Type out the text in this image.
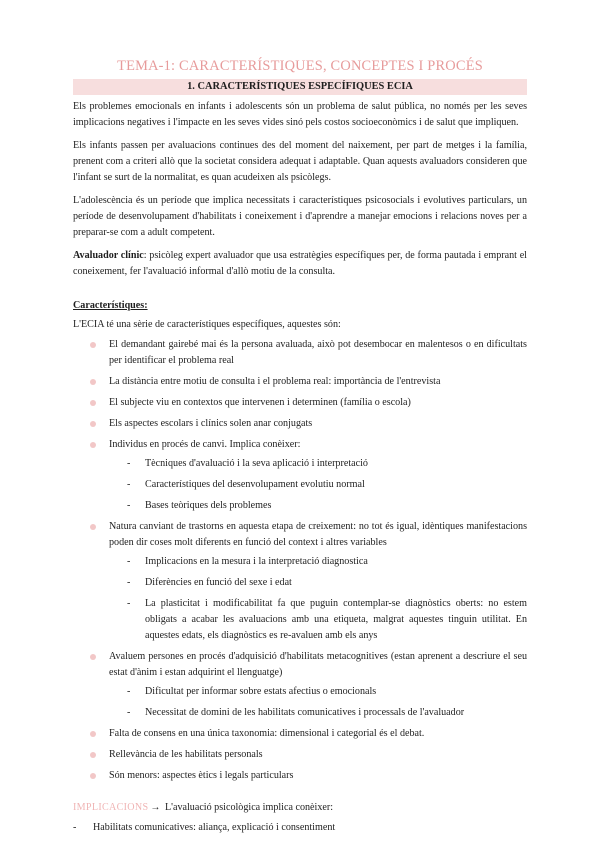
TEMA-1: CARACTERÍSTIQUES, CONCEPTES I PROCÉS
1. CARACTERÍSTIQUES ESPECÍFIQUES ECIA

Els problemes emocionals en infants i adolescents són un problema de salut pública, no només per les seves implicacions negatives i l'impacte en les seves vides sinó pels costos socioeconòmics i de salut que impliquen.

Els infants passen per avaluacions continues des del moment del naixement, per part de metges i la família, prenent com a criteri allò que la societat considera adequat i adaptable. Quan aquests avaluadors consideren que l'infant se surt de la normalitat, es quan acudeixen als psicòlegs.

L'adolescència és un període que implica necessitats i característiques psicosocials i evolutives particulars, un període de desenvolupament d'habilitats i coneixement i d'aprendre a manejar emocions i relacions noves per a preparar-se com a adult competent.

Avaluador clínic: psicòleg expert avaluador que usa estratègies específiques per, de forma pautada i emprant el coneixement, fer l'avaluació informal d'allò motiu de la consulta.

Característiques:

L'ECIA té una sèrie de característiques específiques, aquestes són:

El demandant gairebé mai és la persona avaluada, això pot desembocar en malentesos o en dificultats per identificar el problema real
La distància entre motiu de consulta i el problema real: importància de l'entrevista
El subjecte viu en contextos que intervenen i determinen (família o escola)
Els aspectes escolars i clínics solen anar conjugats
Individus en procés de canvi. Implica conèixer:
- Tècniques d'avaluació i la seva aplicació i interpretació
- Característiques del desenvolupament evolutiu normal
- Bases teòriques dels problemes
Natura canviant de trastorns en aquesta etapa de creixement: no tot és igual, idèntiques manifestacions poden dir coses molt diferents en funció del context i altres variables
- Implicacions en la mesura i la interpretació diagnostica
- Diferències en funció del sexe i edat
- La plasticitat i modificabilitat fa que puguin contemplar-se diagnòstics oberts: no estem obligats a acabar les avaluacions amb una etiqueta, malgrat aquestes tinguin utilitat. En aquestes edats, els diagnòstics es re-avaluen amb els anys
Avaluem persones en procés d'adquisició d'habilitats metacognitives (estan aprenent a descriure el seu estat d'ànim i estan adquirint el llenguatge)
- Dificultat per informar sobre estats afectius o emocionals
- Necessitat de domini de les habilitats comunicatives i processals de l'avaluador
Falta de consens en una única taxonomia: dimensional i categorial és el debat.
Rellevància de les habilitats personals
Són menors: aspectes ètics i legals particulars
IMPLICACIONS → L'avaluació psicològica implica conèixer:
- Habilitats comunicatives: aliança, explicació i consentiment
